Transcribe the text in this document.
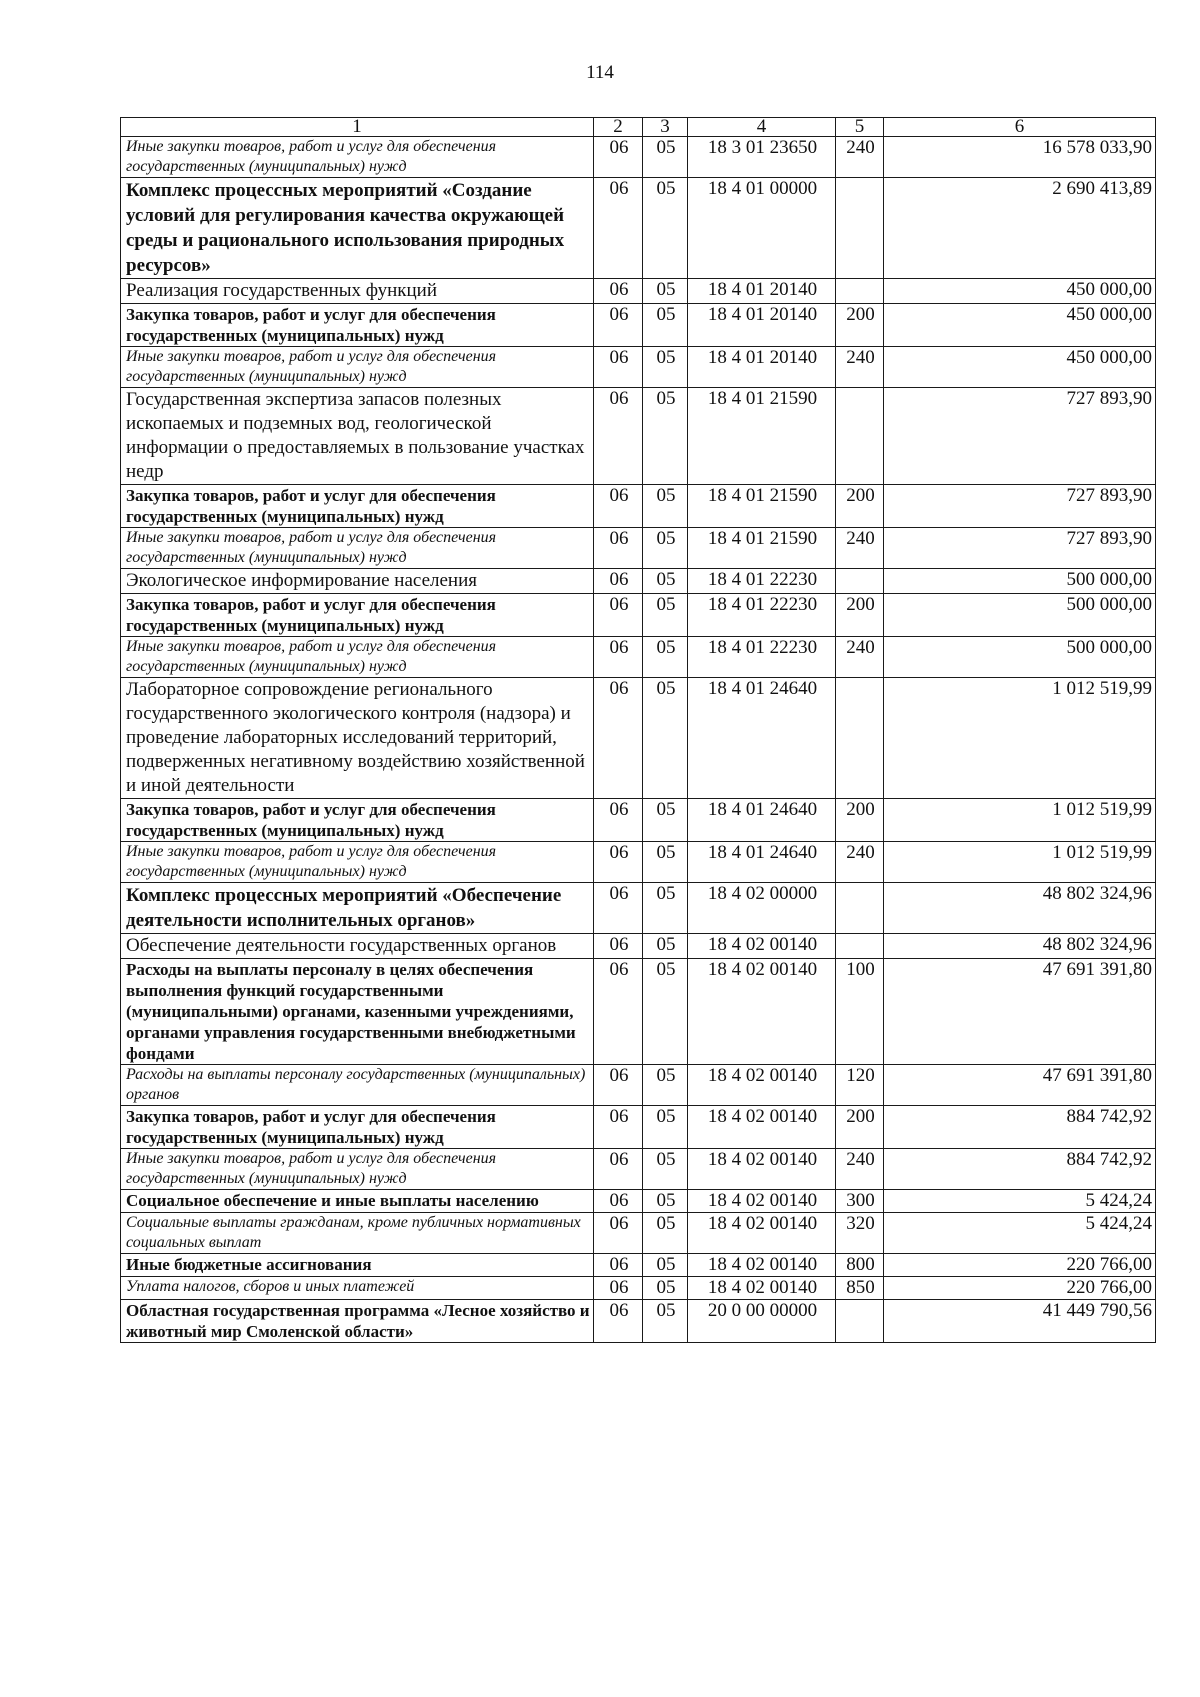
114
1	2	3	4	5	6
Иные закупки товаров, работ и услуг для обеспечения государственных (муниципальных) нужд	06	05	18 3 01 23650	240	16 578 033,90
Комплекс процессных мероприятий «Создание условий для регулирования качества окружающей среды и рационального использования природных ресурсов»	06	05	18 4 01 00000		2 690 413,89
Реализация государственных функций	06	05	18 4 01 20140		450 000,00
Закупка товаров, работ и услуг для обеспечения государственных (муниципальных) нужд	06	05	18 4 01 20140	200	450 000,00
Иные закупки товаров, работ и услуг для обеспечения государственных (муниципальных) нужд	06	05	18 4 01 20140	240	450 000,00
Государственная экспертиза запасов полезных ископаемых и подземных вод, геологической информации о предоставляемых в пользование участках недр	06	05	18 4 01 21590		727 893,90
Закупка товаров, работ и услуг для обеспечения государственных (муниципальных) нужд	06	05	18 4 01 21590	200	727 893,90
Иные закупки товаров, работ и услуг для обеспечения государственных (муниципальных) нужд	06	05	18 4 01 21590	240	727 893,90
Экологическое информирование населения	06	05	18 4 01 22230		500 000,00
Закупка товаров, работ и услуг для обеспечения государственных (муниципальных) нужд	06	05	18 4 01 22230	200	500 000,00
Иные закупки товаров, работ и услуг для обеспечения государственных (муниципальных) нужд	06	05	18 4 01 22230	240	500 000,00
Лабораторное сопровождение регионального государственного экологического контроля (надзора) и проведение лабораторных исследований территорий, подверженных негативному воздействию хозяйственной и иной деятельности	06	05	18 4 01 24640		1 012 519,99
Закупка товаров, работ и услуг для обеспечения государственных (муниципальных) нужд	06	05	18 4 01 24640	200	1 012 519,99
Иные закупки товаров, работ и услуг для обеспечения государственных (муниципальных) нужд	06	05	18 4 01 24640	240	1 012 519,99
Комплекс процессных мероприятий «Обеспечение деятельности исполнительных органов»	06	05	18 4 02 00000		48 802 324,96
Обеспечение деятельности государственных органов	06	05	18 4 02 00140		48 802 324,96
Расходы на выплаты персоналу в целях обеспечения выполнения функций государственными (муниципальными) органами, казенными учреждениями, органами управления государственными внебюджетными фондами	06	05	18 4 02 00140	100	47 691 391,80
Расходы на выплаты персоналу государственных (муниципальных) органов	06	05	18 4 02 00140	120	47 691 391,80
Закупка товаров, работ и услуг для обеспечения государственных (муниципальных) нужд	06	05	18 4 02 00140	200	884 742,92
Иные закупки товаров, работ и услуг для обеспечения государственных (муниципальных) нужд	06	05	18 4 02 00140	240	884 742,92
Социальное обеспечение и иные выплаты населению	06	05	18 4 02 00140	300	5 424,24
Социальные выплаты гражданам, кроме публичных нормативных социальных выплат	06	05	18 4 02 00140	320	5 424,24
Иные бюджетные ассигнования	06	05	18 4 02 00140	800	220 766,00
Уплата налогов, сборов и иных платежей	06	05	18 4 02 00140	850	220 766,00
Областная государственная программа «Лесное хозяйство и животный мир Смоленской области»	06	05	20 0 00 00000		41 449 790,56
